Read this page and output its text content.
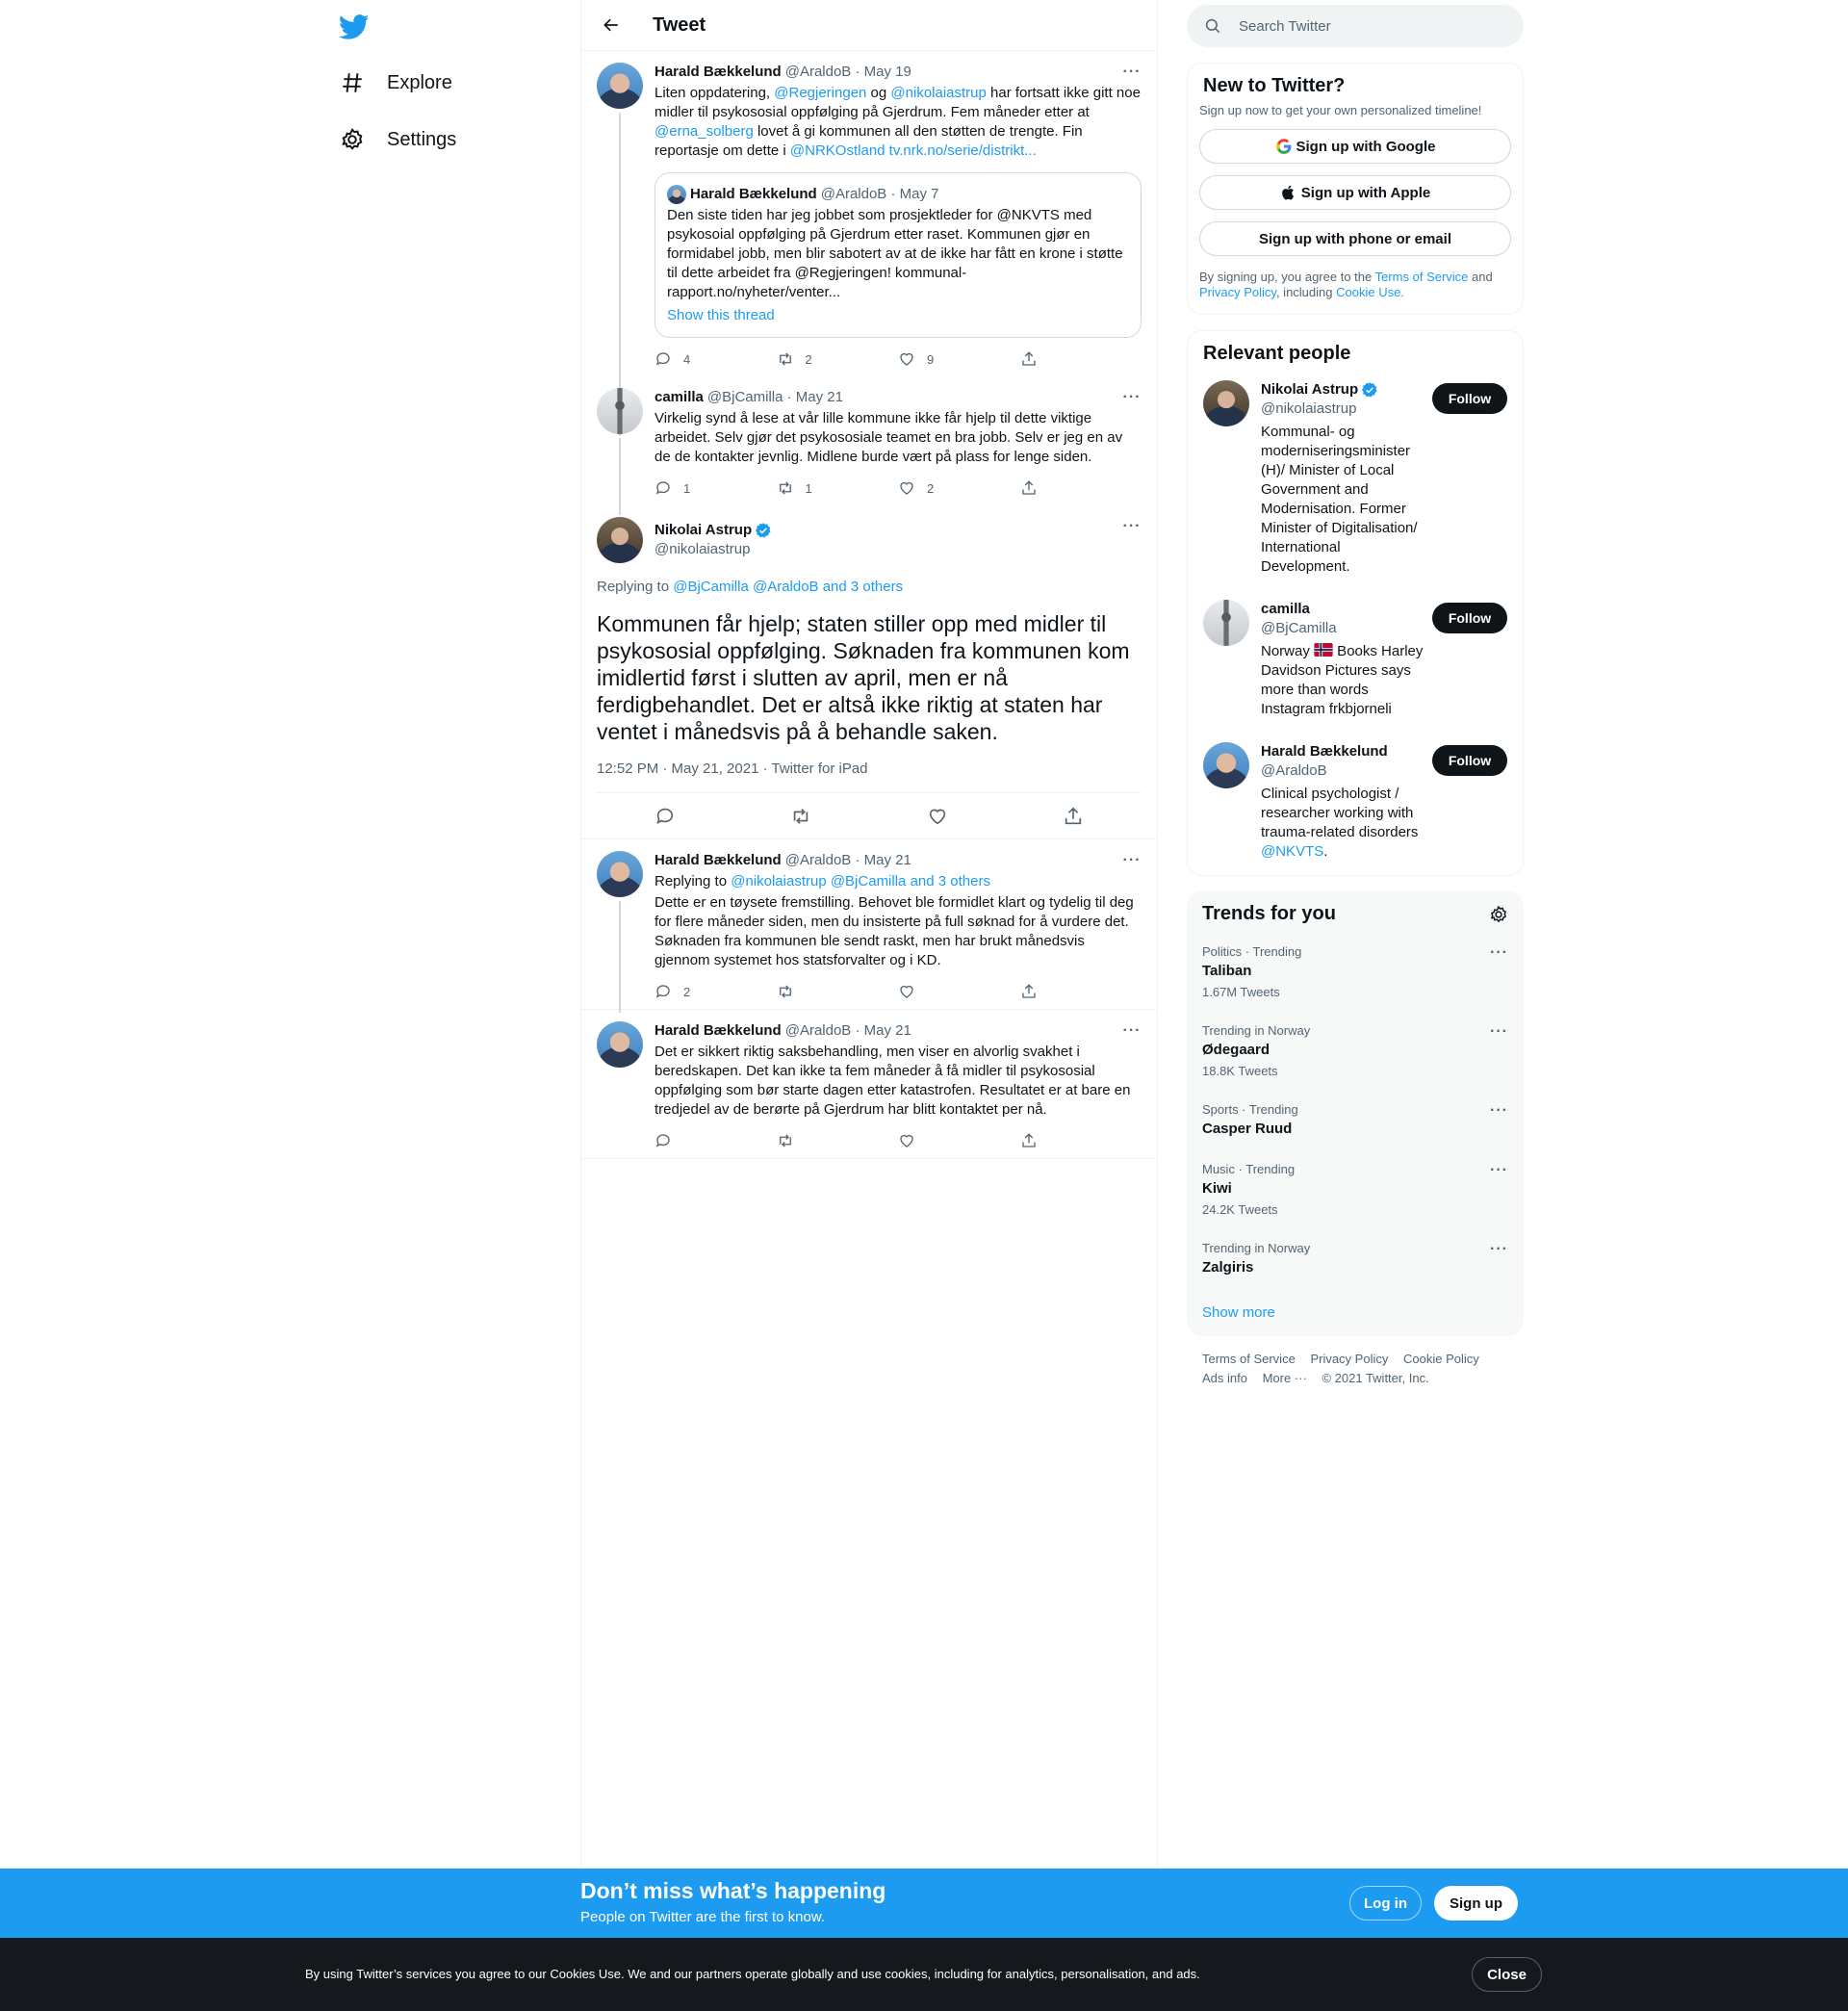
Explore
Settings
Tweet
Harald Bækkelund @AraldoB · May 19	···
Liten oppdatering, @Regjeringen og @nikolaiastrup har fortsatt ikke gitt noe midler til psykososial oppfølging på Gjerdrum. Fem måneder etter at @erna_solberg lovet å gi kommunen all den støtten de trengte. Fin reportasje om dette i @NRKOstland tv.nrk.no/serie/distrikt...
Harald Bækkelund @AraldoB · May 7
Den siste tiden har jeg jobbet som prosjektleder for @NKVTS med psykosoial oppfølging på Gjerdrum etter raset. Kommunen gjør en formidabel jobb, men blir sabotert av at de ikke har fått en krone i støtte til dette arbeidet fra @Regjeringen! kommunal-rapport.no/nyheter/venter...
Show this thread
4	2	9
camilla @BjCamilla · May 21	···
Virkelig synd å lese at vår lille kommune ikke får hjelp til dette viktige arbeidet. Selv gjør det psykososiale teamet en bra jobb. Selv er jeg en av de de kontakter jevnlig. Midlene burde vært på plass for lenge siden.
1	1	2
Nikolai Astrup
@nikolaiastrup
···
Replying to @BjCamilla @AraldoB and 3 others
Kommunen får hjelp; staten stiller opp med midler til psykososial oppfølging. Søknaden fra kommunen kom imidlertid først i slutten av april, men er nå ferdigbehandlet. Det er altså ikke riktig at staten har ventet i månedsvis på å behandle saken.
12:52 PM · May 21, 2021 · Twitter for iPad
Harald Bækkelund @AraldoB · May 21	···
Replying to @nikolaiastrup @BjCamilla and 3 others
Dette er en tøysete fremstilling. Behovet ble formidlet klart og tydelig til deg for flere måneder siden, men du insisterte på full søknad for å vurdere det. Søknaden fra kommunen ble sendt raskt, men har brukt månedsvis gjennom systemet hos statsforvalter og i KD.
2
Harald Bækkelund @AraldoB · May 21	···
Det er sikkert riktig saksbehandling, men viser en alvorlig svakhet i beredskapen. Det kan ikke ta fem måneder å få midler til psykososial oppfølging som bør starte dagen etter katastrofen. Resultatet er at bare en tredjedel av de berørte på Gjerdrum har blitt kontaktet per nå.
Search Twitter
New to Twitter?
Sign up now to get your own personalized timeline!
Sign up with Google
Sign up with Apple
Sign up with phone or email
By signing up, you agree to the Terms of Service and Privacy Policy, including Cookie Use.
Relevant people
Nikolai Astrup
@nikolaiastrup
Kommunal- og moderniseringsminister (H)/ Minister of Local Government and Modernisation. Former Minister of Digitalisation/ International Development.
Follow
camilla
@BjCamilla
Norway  Books Harley Davidson Pictures says more than words Instagram frkbjorneli
Follow
Harald Bækkelund
@AraldoB
Clinical psychologist / researcher working with trauma-related disorders @NKVTS.
Follow
Trends for you
Politics · Trending
Taliban
1.67M Tweets
···
Trending in Norway
Ødegaard
18.8K Tweets
···
Sports · Trending
Casper Ruud
···
Music · Trending
Kiwi
24.2K Tweets
···
Trending in Norway
Zalgiris
···
Show more
Terms of Service Privacy Policy Cookie Policy
Ads info More ··· © 2021 Twitter, Inc.
Don’t miss what’s happening
People on Twitter are the first to know.
Log in	Sign up
By using Twitter’s services you agree to our Cookies Use. We and our partners operate globally and use cookies, including for analytics, personalisation, and ads.	Close
